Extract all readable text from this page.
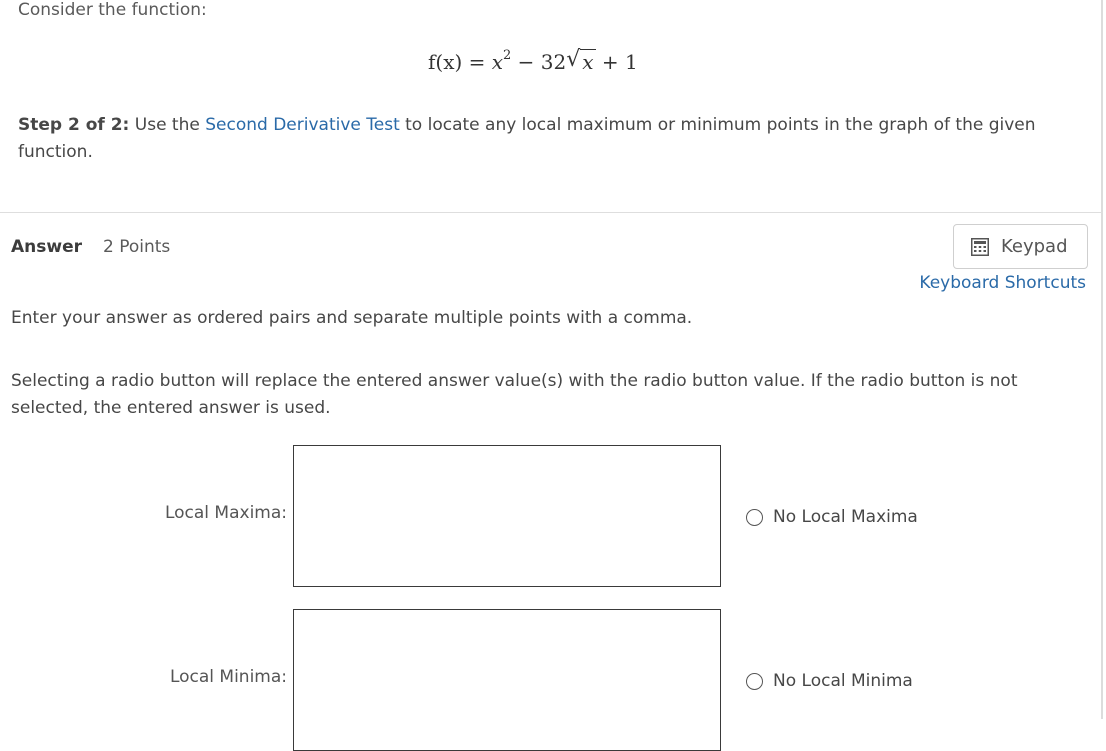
Consider the function:
$f(x) = x^2 - 32$ √ x + 1
Step 2 of 2: Use the Second Derivative Test to locate any local maximum or minimum points in the graph of the given function.
Answer 2 Points	Keypad
Keyboard Shortcuts
Enter your answer as ordered pairs and separate multiple points with a comma.
Selecting a radio button will replace the entered answer value(s) with the radio button value. If the radio button is not selected, the entered answer is used.
Local Maxima:	No Local Maxima
Local Minima:	No Local Minima
